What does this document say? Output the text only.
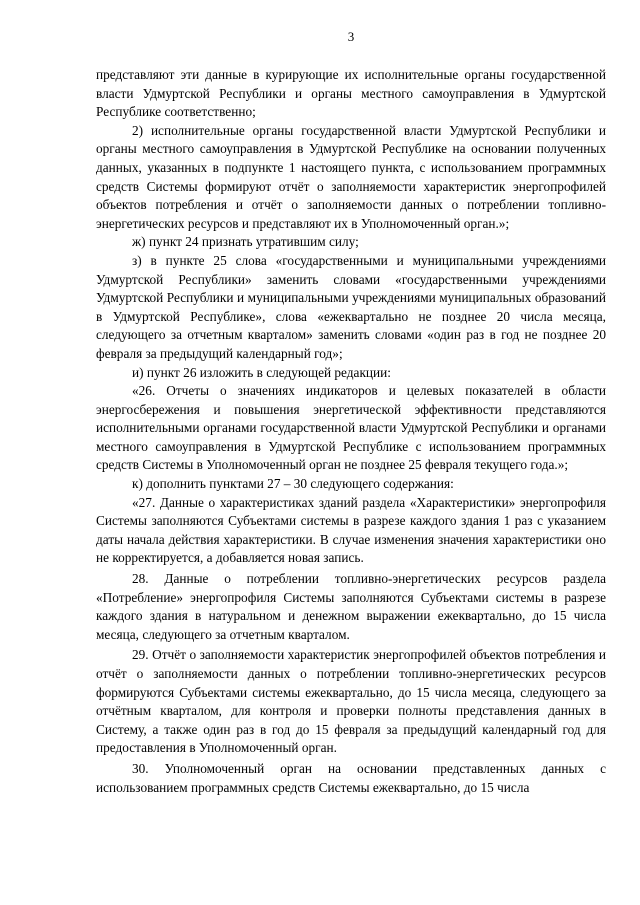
3

представляют эти данные в курирующие их исполнительные органы государственной власти Удмуртской Республики и органы местного самоуправления в Удмуртской Республике соответственно;

2) исполнительные органы государственной власти Удмуртской Республики и органы местного самоуправления в Удмуртской Республике на основании полученных данных, указанных в подпункте 1 настоящего пункта, с использованием программных средств Системы формируют отчёт о заполняемости характеристик энергопрофилей объектов потребления и отчёт о заполняемости данных о потреблении топливно-энергетических ресурсов и представляют их в Уполномоченный орган.»;

ж) пункт 24 признать утратившим силу;

з) в пункте 25 слова «государственными и муниципальными учреждениями Удмуртской Республики» заменить словами «государственными учреждениями Удмуртской Республики и муниципальными учреждениями муниципальных образований в Удмуртской Республике», слова «ежеквартально не позднее 20 числа месяца, следующего за отчетным кварталом» заменить словами «один раз в год не позднее 20 февраля за предыдущий календарный год»;

и) пункт 26 изложить в следующей редакции:

«26. Отчеты о значениях индикаторов и целевых показателей в области энергосбережения и повышения энергетической эффективности представляются исполнительными органами государственной власти Удмуртской Республики и органами местного самоуправления в Удмуртской Республике с использованием программных средств Системы в Уполномоченный орган не позднее 25 февраля текущего года.»;

к) дополнить пунктами 27 – 30 следующего содержания:

«27. Данные о характеристиках зданий раздела «Характеристики» энергопрофиля Системы заполняются Субъектами системы в разрезе каждого здания 1 раз с указанием даты начала действия характеристики. В случае изменения значения характеристики оно не корректируется, а добавляется новая запись.

28. Данные о потреблении топливно-энергетических ресурсов раздела «Потребление» энергопрофиля Системы заполняются Субъектами системы в разрезе каждого здания в натуральном и денежном выражении ежеквартально, до 15 числа месяца, следующего за отчетным кварталом.

29. Отчёт о заполняемости характеристик энергопрофилей объектов потребления и отчёт о заполняемости данных о потреблении топливно-энергетических ресурсов формируются Субъектами системы ежеквартально, до 15 числа месяца, следующего за отчётным кварталом, для контроля и проверки полноты представления данных в Систему, а также один раз в год до 15 февраля за предыдущий календарный год для предоставления в Уполномоченный орган.

30. Уполномоченный орган на основании представленных данных с использованием программных средств Системы ежеквартально, до 15 числа
